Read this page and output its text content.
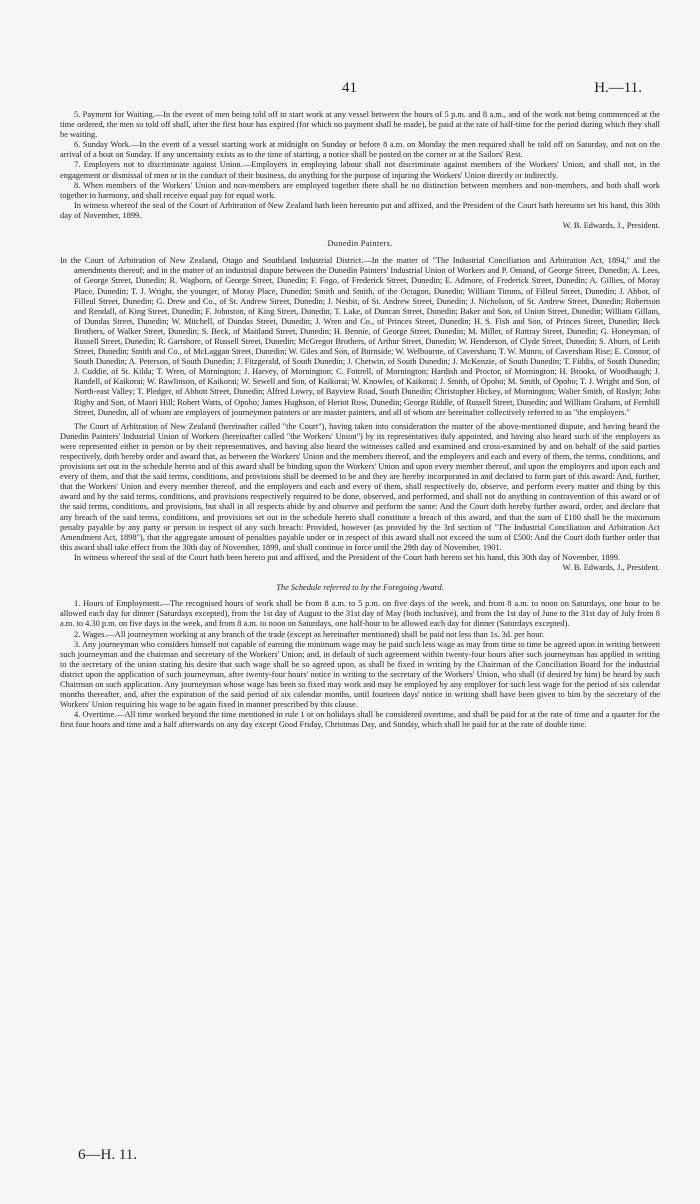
41	H.—11.

5. Payment for Waiting.—In the event of men being told off to start work at any vessel between the hours of 5 p.m. and 8 a.m., and of the work not being commenced at the time ordered, the men so told off shall, after the first hour has expired (for which no payment shall be made), be paid at the rate of half-time for the period during which they shall be waiting.

6. Sunday Work.—In the event of a vessel starting work at midnight on Sunday or before 8 a.m. on Monday the men required shall be told off on Saturday, and not on the arrival of a boat on Sunday. If any uncertainty exists as to the time of starting, a notice shall be posted on the corner or at the Sailors' Rest.

7. Employers not to discriminate against Union.—Employers in employing labour shall not discriminate against members of the Workers' Union, and shall not, in the engagement or dismissal of men or in the conduct of their business, do anything for the purpose of injuring the Workers' Union directly or indirectly.

8. When members of the Workers' Union and non-members are employed together there shall be no distinction between members and non-members, and both shall work together in harmony, and shall receive equal pay for equal work.

In witness whereof the seal of the Court of Arbitration of New Zealand hath been hereunto put and affixed, and the President of the Court hath hereunto set his hand, this 30th day of November, 1899.

W. B. Edwards, J., President.

Dunedin Painters.

In the Court of Arbitration of New Zealand, Otago and Southland Industrial District.—In the matter of "The Industrial Conciliation and Arbitration Act, 1894," and the amendments thereof; and in the matter of an industrial dispute between the Dunedin Painters' Industrial Union of Workers and P. Omand, of George Street, Dunedin; A. Lees, of George Street, Dunedin; R. Wagborn, of George Street, Dunedin; F. Fogo, of Frederick Street, Dunedin; E. Admore, of Frederick Street, Dunedin; A. Gillies, of Moray Place, Dunedin; T. J. Wright, the younger, of Moray Place, Dunedin; Smith and Smith, of the Octagon, Dunedin; William Timms, of Filleul Street, Dunedin; J. Abbot, of Filleul Street, Dunedin; G. Drew and Co., of St. Andrew Street, Dunedin; J. Nesbit, of St. Andrew Street, Dunedin; J. Nicholson, of St. Andrew Street, Dunedin; Robertson and Rendall, of King Street, Dunedin; F. Johnston, of King Street, Dunedin; T. Lake, of Duncan Street, Dunedin; Baker and Son, of Union Street, Dunedin; William Gillam, of Dundas Street, Dunedin; W. Mitchell, of Dundas Street, Dunedin; J. Wren and Co., of Princes Street, Dunedin; H. S. Fish and Son, of Princes Street, Dunedin; Beck Brothers, of Walker Street, Dunedin; S. Beck, of Maitland Street, Dunedin; H. Bennie, of George Street, Dunedin; M. Miller, of Rattray Street, Dunedin; G. Honeyman, of Russell Street, Dunedin; R. Gartshore, of Russell Street, Dunedin; McGregor Brothers, of Arthur Street, Dunedin; W. Henderson, of Clyde Street, Dunedin; S. Aburn, of Leith Street, Dunedin; Smith and Co., of McLaggan Street, Dunedin; W. Giles and Son, of Burnside; W. Welbourne, of Caversham; T. W. Munro, of Caversham Rise; E. Connor, of South Dunedin; A. Peterson, of South Dunedin; J. Fitzgerald, of South Dunedin; J. Chetwin, of South Dunedin; J. McKenzie, of South Dunedin; T. Fiddis, of South Dunedin; J. Cuddie, of St. Kilda; T. Wren, of Mornington; J. Harvey, of Mornington; C. Fottrell, of Mornington; Hardish and Proctor, of Mornington; H. Brooks, of Woodhaugh; J. Randell, of Kaikorai; W. Rawlinson, of Kaikorai; W. Sewell and Son, of Kaikorai; W. Knowles, of Kaikorai; J. Smith, of Opoho; M. Smith, of Opoho; T. J. Wright and Son, of North-east Valley; T. Pledger, of Abbott Street, Dunedin; Alfred Lowry, of Bayview Road, South Dunedin; Christopher Hickey, of Mornington; Walter Smith, of Roslyn; John Rigby and Son, of Maori Hill; Robert Watts, of Opoho; James Hughson, of Heriot Row, Dunedin; George Riddle, of Russell Street, Dunedin; and William Graham, of Fernhill Street, Dunedin, all of whom are employers of journeymen painters or are master painters, and all of whom are hereinafter collectively referred to as "the employers."

The Court of Arbitration of New Zealand (hereinafter called "the Court"), having taken into consideration the matter of the above-mentioned dispute, and having heard the Dunedin Painters' Industrial Union of Workers (hereinafter called "the Workers' Union") by its representatives duly appointed, and having also heard such of the employers as were represented either in person or by their representatives, and having also heard the witnesses called and examined and cross-examined by and on behalf of the said parties respectively, doth hereby order and award that, as between the Workers' Union and the members thereof, and the employers and each and every of them, the terms, conditions, and provisions set out in the schedule hereto and of this award shall be binding upon the Workers' Union and upon every member thereof, and upon the employers and upon each and every of them, and that the said terms, conditions, and provisions shall be deemed to be and they are hereby incorporated in and declared to form part of this award: And, further, that the Workers' Union and every member thereof, and the employers and each and every of them, shall respectively do, observe, and perform every matter and thing by this award and by the said terms, conditions, and provisions respectively required to be done, observed, and performed, and shall not do anything in contravention of this award or of the said terms, conditions, and provisions, but shall in all respects abide by and observe and perform the same: And the Court doth hereby further award, order, and declare that any breach of the said terms, conditions, and provisions set out in the schedule hereto shall constitute a breach of this award, and that the sum of £100 shall be the maximum penalty payable by any party or person in respect of any such breach: Provided, however (as provided by the 3rd section of "The Industrial Conciliation and Arbitration Act Amendment Act, 1898"), that the aggregate amount of penalties payable under or in respect of this award shall not exceed the sum of £500: And the Court doth further order that this award shall take effect from the 30th day of November, 1899, and shall continue in force until the 29th day of November, 1901.

In witness whereof the seal of the Court hath been hereto put and affixed, and the President of the Court hath hereto set his hand, this 30th day of November, 1899.

W. B. Edwards, J., President.

The Schedule referred to by the Foregoing Award.

1. Hours of Employment.—The recognised hours of work shall be from 8 a.m. to 5 p.m. on five days of the week, and from 8 a.m. to noon on Saturdays, one hour to be allowed each day for dinner (Saturdays excepted), from the 1st day of August to the 31st day of May (both inclusive), and from the 1st day of June to the 31st day of July from 8 a.m. to 4.30 p.m. on five days in the week, and from 8 a.m. to noon on Saturdays, one half-hour to be allowed each day for dinner (Saturdays excepted).

2. Wages.—All journeymen working at any branch of the trade (except as hereinafter mentioned) shall be paid not less than 1s. 3d. per hour.

3. Any journeyman who considers himself not capable of earning the minimum wage may be paid such less wage as may from time to time be agreed upon in writing between such journeyman and the chairman and secretary of the Workers' Union; and, in default of such agreement within twenty-four hours after such journeyman has applied in writing to the secretary of the union stating his desire that such wage shall be so agreed upon, as shall be fixed in writing by the Chairman of the Conciliation Board for the industrial district upon the application of such journeyman, after twenty-four hours' notice in writing to the secretary of the Workers' Union, who shall (if desired by him) be heard by such Chairman on such application. Any journeyman whose wage has been so fixed may work and may be employed by any employer for such less wage for the period of six calendar months thereafter, and, after the expiration of the said period of six calendar months, until fourteen days' notice in writing shall have been given to him by the secretary of the Workers' Union requiring his wage to be again fixed in manner prescribed by this clause.

4. Overtime.—All time worked beyond the time mentioned in rule 1 or on holidays shall be considered overtime, and shall be paid for at the rate of time and a quarter for the first four hours and time and a half afterwards on any day except Good Friday, Christmas Day, and Sunday, which shall be paid for at the rate of double time.

6—H. 11.
